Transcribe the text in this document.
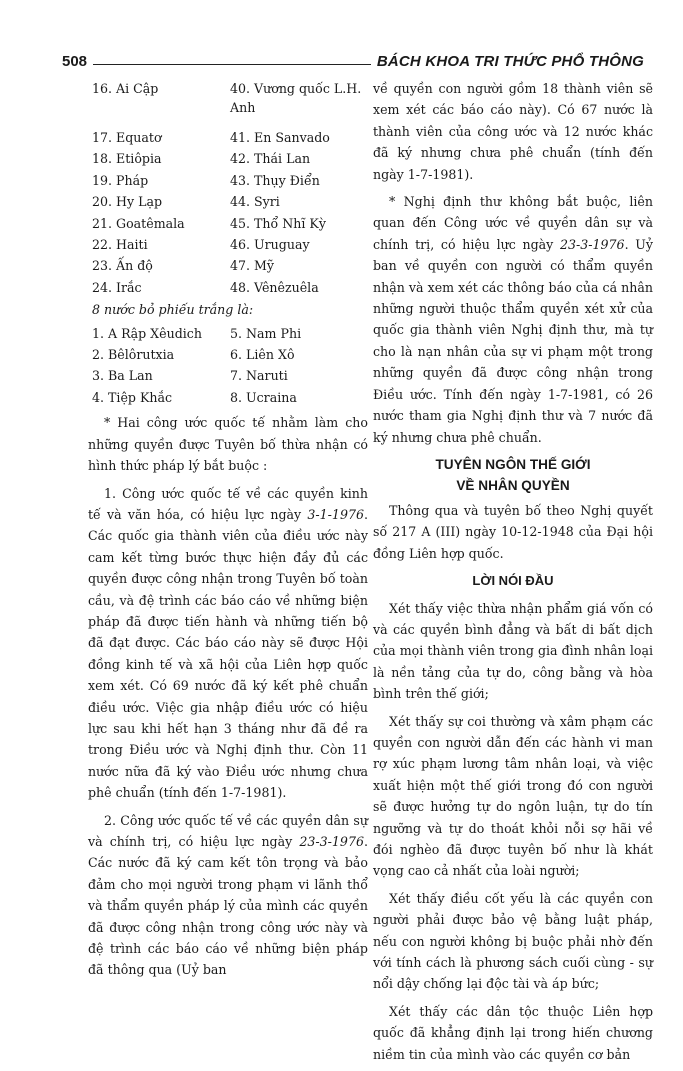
508	BÁCH KHOA TRI THỨC PHỔ THÔNG
16. Ai Cập	40. Vương quốc L.H. Anh
17. Equatơ	41. En Sanvado
18. Etiôpia	42. Thái Lan
19. Pháp	43. Thụy Điển
20. Hy Lạp	44. Syri
21. Goatêmala	45. Thổ Nhĩ Kỳ
22. Haiti	46. Uruguay
23. Ấn độ	47. Mỹ
24. Irắc	48. Vênêzuêla
8 nước bỏ phiếu trắng là:
1. A Rập Xêudich	5. Nam Phi
2. Bêlôrutxia	6. Liên Xô
3. Ba Lan	7. Naruti
4. Tiệp Khắc	8. Ucraina

* Hai công ước quốc tế nhằm làm cho những quyền được Tuyên bố thừa nhận có hình thức pháp lý bắt buộc :

1. Công ước quốc tế về các quyền kinh tế và văn hóa, có hiệu lực ngày 3-1-1976. Các quốc gia thành viên của điều ước này cam kết từng bước thực hiện đầy đủ các quyền được công nhận trong Tuyên bố toàn cầu, và đệ trình các báo cáo về những biện pháp đã được tiến hành và những tiến bộ đã đạt được. Các báo cáo này sẽ được Hội đồng kinh tế và xã hội của Liên hợp quốc xem xét. Có 69 nước đã ký kết phê chuẩn điều ước. Việc gia nhập điều ước có hiệu lực sau khi hết hạn 3 tháng như đã đề ra trong Điều ước và Nghị định thư. Còn 11 nước nữa đã ký vào Điều ước nhưng chưa phê chuẩn (tính đến 1-7-1981).

2. Công ước quốc tế về các quyền dân sự và chính trị, có hiệu lực ngày 23-3-1976. Các nước đã ký cam kết tôn trọng và bảo đảm cho mọi người trong phạm vi lãnh thổ và thẩm quyền pháp lý của mình các quyền đã được công nhận trong công ước này và đệ trình các báo cáo về những biện pháp đã thông qua (Uỷ ban

về quyền con người gồm 18 thành viên sẽ xem xét các báo cáo này). Có 67 nước là thành viên của công ước và 12 nước khác đã ký nhưng chưa phê chuẩn (tính đến ngày 1-7-1981).

* Nghị định thư không bắt buộc, liên quan đến Công ước về quyền dân sự và chính trị, có hiệu lực ngày 23-3-1976. Uỷ ban về quyền con người có thẩm quyền nhận và xem xét các thông báo của cá nhân những người thuộc thẩm quyền xét xử của quốc gia thành viên Nghị định thư, mà tự cho là nạn nhân của sự vi phạm một trong những quyền đã được công nhận trong Điều ước. Tính đến ngày 1-7-1981, có 26 nước tham gia Nghị định thư và 7 nước đã ký nhưng chưa phê chuẩn.

TUYÊN NGÔN THẾ GIỚI
VỀ NHÂN QUYỀN

Thông qua và tuyên bố theo Nghị quyết số 217 A (III) ngày 10-12-1948 của Đại hội đồng Liên hợp quốc.

LỜI NÓI ĐẦU

Xét thấy việc thừa nhận phẩm giá vốn có và các quyền bình đẳng và bất di bất dịch của mọi thành viên trong gia đình nhân loại là nền tảng của tự do, công bằng và hòa bình trên thế giới;

Xét thấy sự coi thường và xâm phạm các quyền con người dẫn đến các hành vi man rợ xúc phạm lương tâm nhân loại, và việc xuất hiện một thế giới trong đó con người sẽ được hưởng tự do ngôn luận, tự do tín ngưỡng và tự do thoát khỏi nỗi sợ hãi về đói nghèo đã được tuyên bố như là khát vọng cao cả nhất của loài người;

Xét thấy điều cốt yếu là các quyền con người phải được bảo vệ bằng luật pháp, nếu con người không bị buộc phải nhờ đến với tính cách là phương sách cuối cùng - sự nổi dậy chống lại độc tài và áp bức;

Xét thấy các dân tộc thuộc Liên hợp quốc đã khẳng định lại trong hiến chương niềm tin của mình vào các quyền cơ bản
